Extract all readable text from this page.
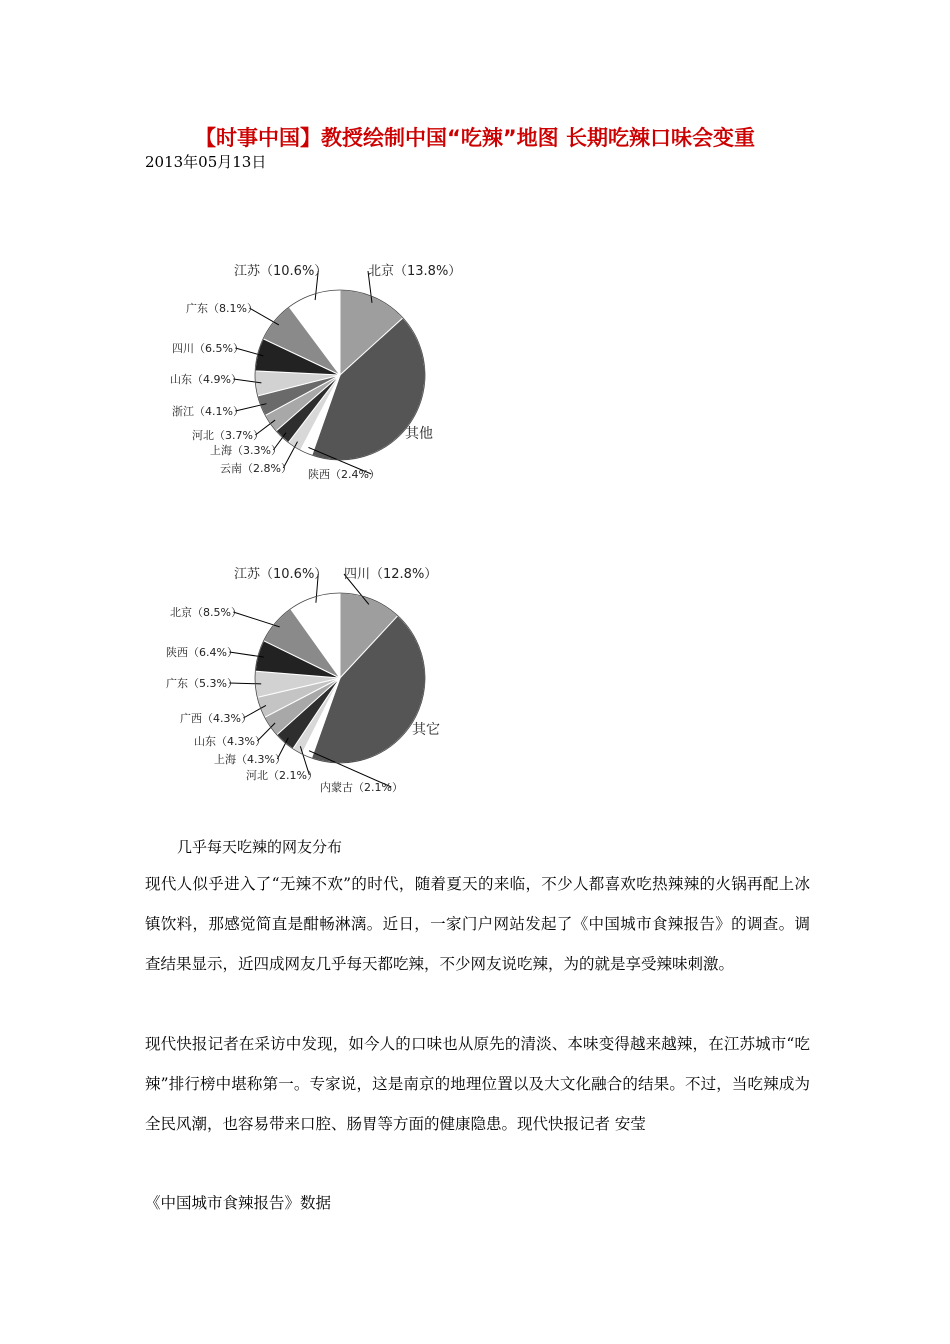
【时事中国】教授绘制中国“吃辣”地图 长期吃辣口味会变重
2013年05月13日
北京（13.8%）
其他
陕西（2.4%）
云南（2.8%）
上海（3.3%）
河北（3.7%）
浙江（4.1%）
山东（4.9%）
四川（6.5%）
广东（8.1%）
江苏（10.6%）
四川（12.8%）
其它
内蒙古（2.1%）
河北（2.1%）
上海（4.3%）
山东（4.3%）
广西（4.3%）
广东（5.3%）
陕西（6.4%）
北京（8.5%）
江苏（10.6%）
几乎每天吃辣的网友分布
现代人似乎进入了“无辣不欢”的时代，随着夏天的来临，不少人都喜欢吃热辣辣的火锅再配上冰镇饮料，那感觉简直是酣畅淋漓。近日，一家门户网站发起了《中国城市食辣报告》的调查。调查结果显示，近四成网友几乎每天都吃辣，不少网友说吃辣，为的就是享受辣味刺激。
现代快报记者在采访中发现，如今人的口味也从原先的清淡、本味变得越来越辣，在江苏城市“吃辣”排行榜中堪称第一。专家说，这是南京的地理位置以及大文化融合的结果。不过，当吃辣成为全民风潮，也容易带来口腔、肠胃等方面的健康隐患。现代快报记者 安莹
《中国城市食辣报告》数据
